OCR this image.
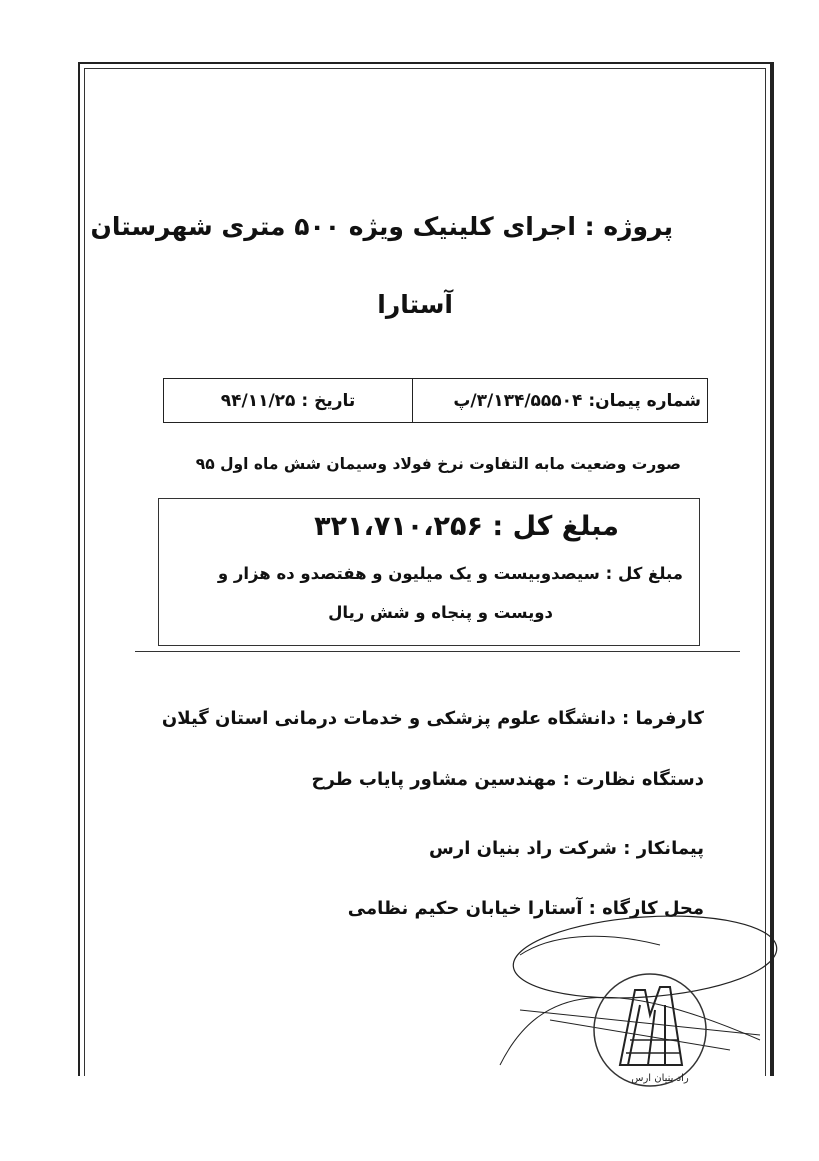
پروژه : اجرای کلینیک ویژه ۵۰۰ متری شهرستان
آستارا
شماره پیمان: ۳/۱۳۴/۵۵۵۰۴/پ
تاریخ : ۹۴/۱۱/۲۵
صورت وضعیت مابه التفاوت نرخ فولاد وسیمان شش ماه اول ۹۵
مبلغ کل : ۳۲۱،۷۱۰،۲۵۶
مبلغ کل : سیصدوبیست و یک میلیون و هفتصدو ده هزار و
دویست و پنجاه و شش ریال
کارفرما : دانشگاه علوم پزشکی و خدمات درمانی استان گیلان
دستگاه نظارت : مهندسین مشاور پایاب طرح
پیمانکار : شرکت راد بنیان ارس
محل کارگاه : آستارا خیابان حکیم نظامی
راد بنیان ارس
